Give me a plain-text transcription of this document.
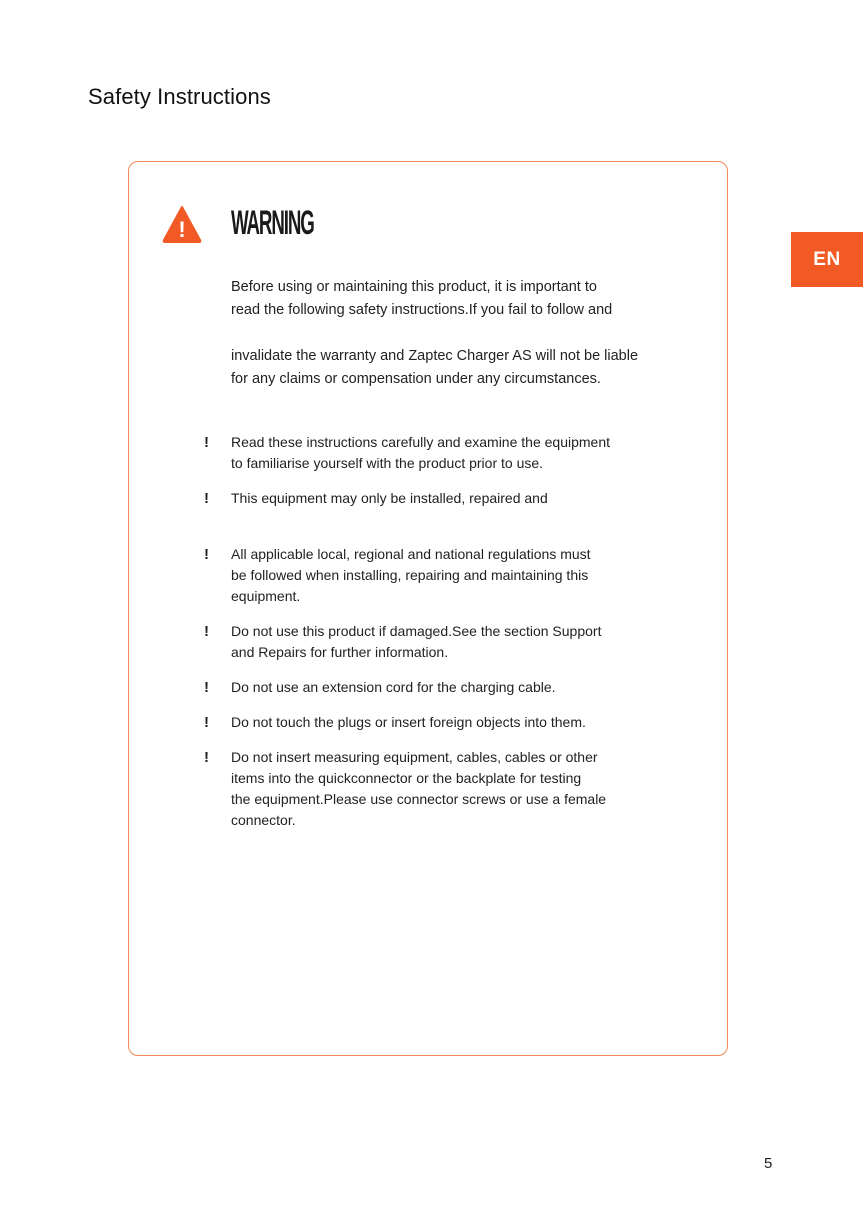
Safety Instructions
EN
! WARNING

Before using or maintaining this product, it is important to

read the following safety instructions.If you fail to follow and

invalidate the warranty and Zaptec Charger AS will not be liable

for any claims or compensation under any circumstances.

!	Read these instructions carefully and examine the equipment
to familiarise yourself with the product prior to use.
!	This equipment may only be installed, repaired and
!	All applicable local, regional and national regulations must
be followed when installing, repairing and maintaining this
equipment.
!	Do not use this product if damaged.See the section Support
and Repairs for further information.
!	Do not use an extension cord for the charging cable.
!	Do not touch the plugs or insert foreign objects into them.
!	Do not insert measuring equipment, cables, cables or other
items into the quickconnector or the backplate for testing
the equipment.Please use connector screws or use a female
connector.
5
